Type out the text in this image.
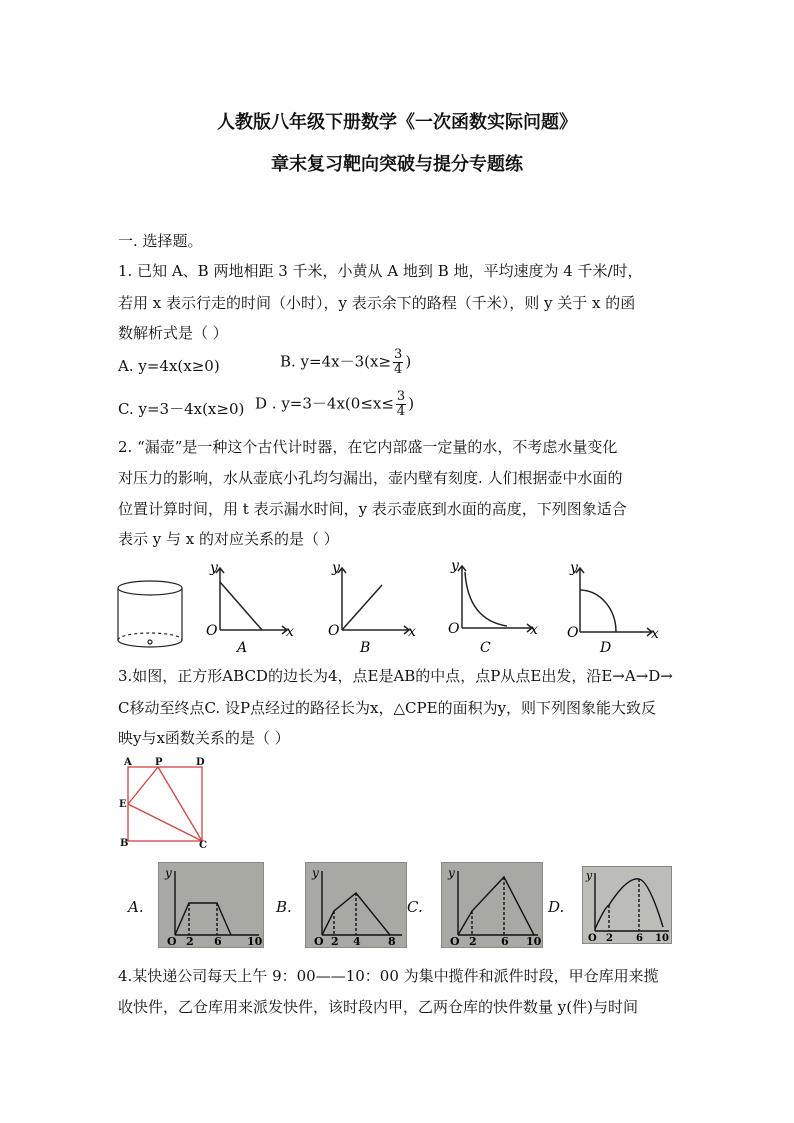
人教版八年级下册数学《一次函数实际问题》
章末复习靶向突破与提分专题练
一. 选择题。
1. 已知 A、B 两地相距 3 千米，小黄从 A 地到 B 地，平均速度为 4 千米/时，
若用 x 表示行走的时间（小时），y 表示余下的路程（千米），则 y 关于 x 的函
数解析式是（ ）
A. y=4x(x≥0)	B. $y=4x-3(x\ge \frac{3}{4}$ )
C. y=3－4x(x≥0) D . $y=3-4x(0\le x\le \frac{3}{4}$ )
2. “漏壶”是一种这个古代计时器，在它内部盛一定量的水，不考虑水量变化
对压力的影响，水从壶底小孔均匀漏出，壶内壁有刻度. 人们根据壶中水面的
位置计算时间，用 t 表示漏水时间，y 表示壶底到水面的高度，下列图象适合
表示 y 与 x 的对应关系的是（ ）
y
x
O
A
y
x
O
B
y
x
O
C
y
x
O
D
3.如图，正方形ABCD的边长为4，点E是AB的中点，点P从点E出发，沿E→A→D→
C移动至终点C. 设P点经过的路径长为x，△CPE的面积为y，则下列图象能大致反
映y与x函数关系的是（ ）
A P	D
E
B	C
A.
y
O 2 6 10
B.
y
O 2 4 8
C.
y
O 2 6 10
D.
y
O 2 6 10
4.某快递公司每天上午 9：00——10：00 为集中揽件和派件时段，甲仓库用来揽
收快件，乙仓库用来派发快件，该时段内甲，乙两仓库的快件数量 y(件)与时间
